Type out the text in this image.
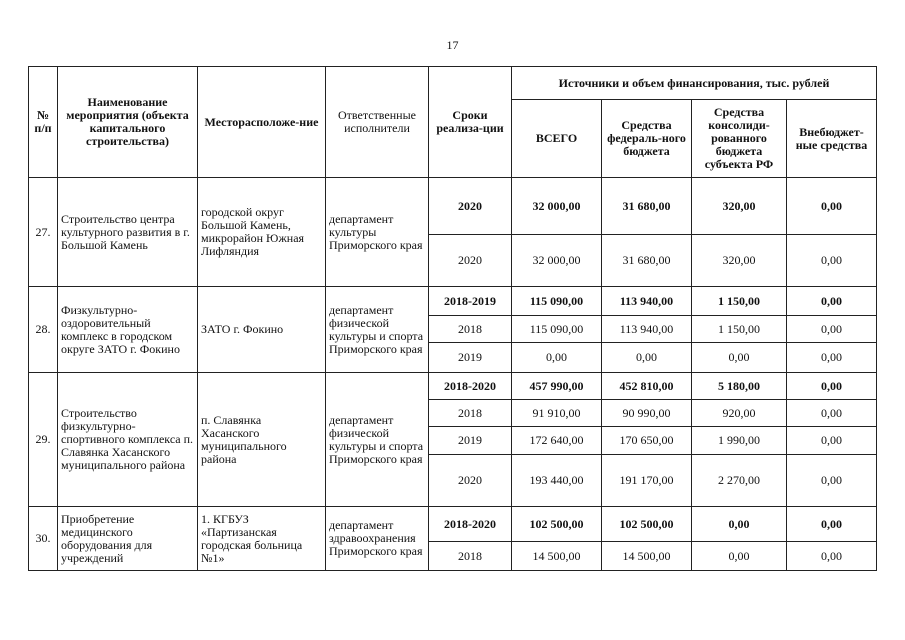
17
№ п/п	Наименование мероприятия (объекта капитального строительства)	Месторасположе-ние	Ответственные исполнители	Сроки реализа-ции	Источники и объем финансирования, тыс. рублей			
					ВСЕГО	Средства федераль-ного бюджета	Средства консолиди-рованного бюджета субъекта РФ	Внебюджет-ные средства
27.	Строительство центра культурного развития в г. Большой Камень	городской округ Большой Камень, микрорайон Южная Лифляндия	департамент культуры Приморского края	2020	32 000,00	31 680,00	320,00	0,00
				2020	32 000,00	31 680,00	320,00	0,00
28.	Физкультурно-оздоровительный комплекс в городском округе ЗАТО г. Фокино	ЗАТО г. Фокино	департамент физической культуры и спорта Приморского края	2018-2019	115 090,00	113 940,00	1 150,00	0,00
				2018	115 090,00	113 940,00	1 150,00	0,00
				2019	0,00	0,00	0,00	0,00
29.	Строительство физкультурно-спортивного комплекса п. Славянка Хасанского муниципального района	п. Славянка Хасанского муниципального района	департамент физической культуры и спорта Приморского края	2018-2020	457 990,00	452 810,00	5 180,00	0,00
				2018	91 910,00	90 990,00	920,00	0,00
				2019	172 640,00	170 650,00	1 990,00	0,00
				2020	193 440,00	191 170,00	2 270,00	0,00
30.	Приобретение медицинского оборудования для учреждений	1. КГБУЗ «Партизанская городская больница №1»	департамент здравоохранения Приморского края	2018-2020	102 500,00	102 500,00	0,00	0,00
				2018	14 500,00	14 500,00	0,00	0,00
